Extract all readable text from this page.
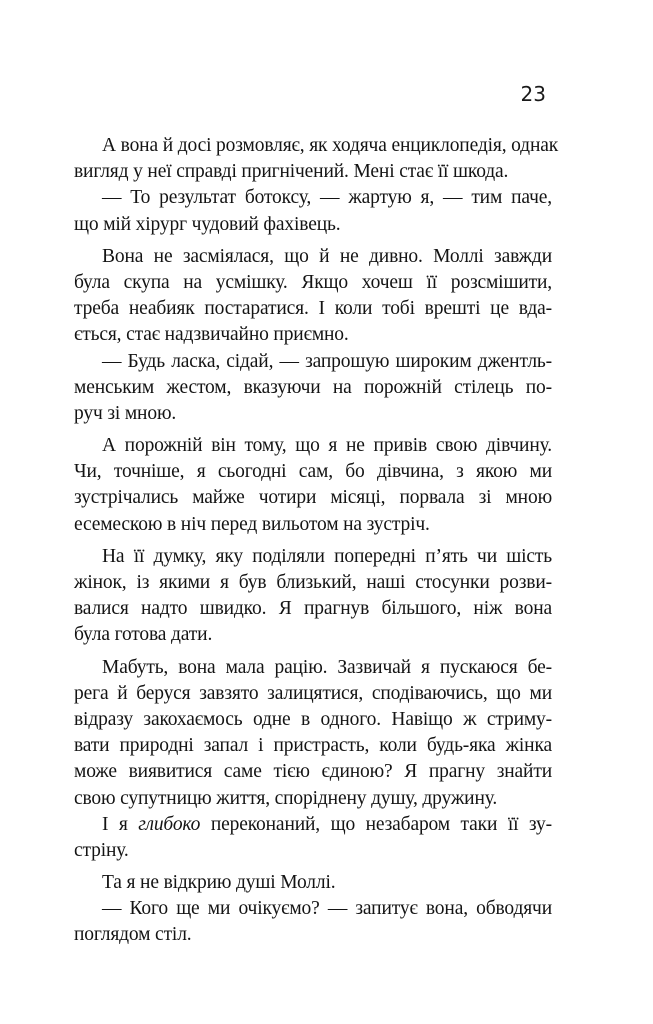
23
А вона й досі розмовляє, як ходяча енциклопедія, однак
вигляд у неї справді пригнічений. Мені стає її шкода.
— То результат ботоксу, — жартую я, — тим паче,
що мій хірург чудовий фахівець.
Вона не засміялася, що й не дивно. Моллі завжди
була скупа на усмішку. Якщо хочеш її розсмішити,
треба неабияк постаратися. І коли тобі врешті це вда-
ється, стає надзвичайно приємно.
— Будь ласка, сідай, — запрошую широким джентль-
менським жестом, вказуючи на порожній стілець по-
руч зі мною.
А порожній він тому, що я не привів свою дівчину.
Чи, точніше, я сьогодні сам, бо дівчина, з якою ми
зустрічались майже чотири місяці, порвала зі мною
есемескою в ніч перед вильотом на зустріч.
На її думку, яку поділяли попередні п’ять чи шість
жінок, із якими я був близький, наші стосунки розви-
валися надто швидко. Я прагнув більшого, ніж вона
була готова дати.
Мабуть, вона мала рацію. Зазвичай я пускаюся бе-
рега й беруся завзято залицятися, сподіваючись, що ми
відразу закохаємось одне в одного. Навіщо ж стриму-
вати природні запал і пристрасть, коли будь-яка жінка
може виявитися саме тією єдиною? Я прагну знайти
свою супутницю життя, споріднену душу, дружину.
І я глибоко переконаний, що незабаром таки її зу-
стріну.
Та я не відкрию душі Моллі.
— Кого ще ми очікуємо? — запитує вона, обводячи
поглядом стіл.
